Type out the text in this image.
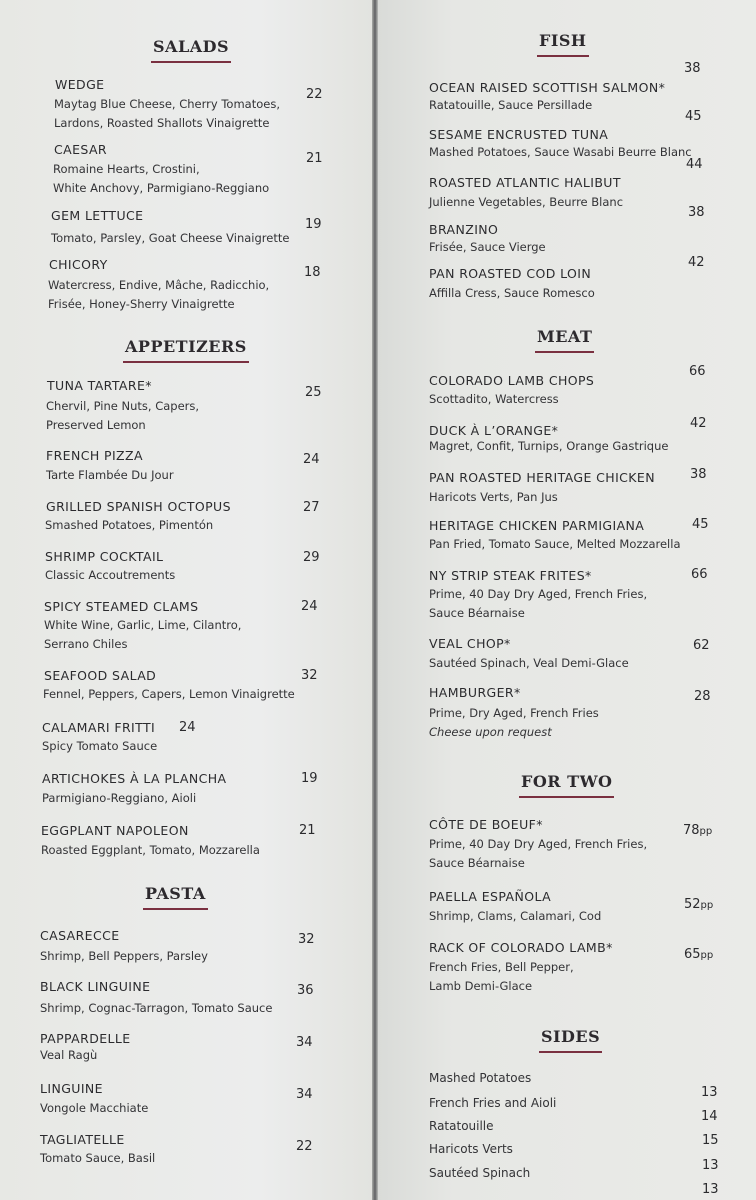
SALADS
WEDGE
Maytag Blue Cheese, Cherry Tomatoes,
Lardons, Roasted Shallots Vinaigrette
22
CAESAR
Romaine Hearts, Crostini,
White Anchovy, Parmigiano-Reggiano
21
GEM LETTUCE
Tomato, Parsley, Goat Cheese Vinaigrette
19
CHICORY
Watercress, Endive, Mâche, Radicchio,
Frisée, Honey-Sherry Vinaigrette
18
APPETIZERS
TUNA TARTARE*
Chervil, Pine Nuts, Capers,
Preserved Lemon
25
FRENCH PIZZA
Tarte Flambée Du Jour
24
GRILLED SPANISH OCTOPUS
Smashed Potatoes, Pimentón
27
SHRIMP COCKTAIL
Classic Accoutrements
29
SPICY STEAMED CLAMS
White Wine, Garlic, Lime, Cilantro,
Serrano Chiles
24
SEAFOOD SALAD
Fennel, Peppers, Capers, Lemon Vinaigrette
32
CALAMARI FRITTI
Spicy Tomato Sauce
24
ARTICHOKES À LA PLANCHA
Parmigiano-Reggiano, Aioli
19
EGGPLANT NAPOLEON
Roasted Eggplant, Tomato, Mozzarella
21
PASTA
CASARECCE
Shrimp, Bell Peppers, Parsley
32
BLACK LINGUINE
Shrimp, Cognac-Tarragon, Tomato Sauce
36
PAPPARDELLE
Veal Ragù
34
LINGUINE
Vongole Macchiate
34
TAGLIATELLE
Tomato Sauce, Basil
22
FISH
OCEAN RAISED SCOTTISH SALMON*
Ratatouille, Sauce Persillade
38
SESAME ENCRUSTED TUNA
Mashed Potatoes, Sauce Wasabi Beurre Blanc
45
ROASTED ATLANTIC HALIBUT
Julienne Vegetables, Beurre Blanc
44
BRANZINO
Frisée, Sauce Vierge
38
PAN ROASTED COD LOIN
Affilla Cress, Sauce Romesco
42
MEAT
COLORADO LAMB CHOPS
Scottadito, Watercress
66
DUCK À L’ORANGE*
Magret, Confit, Turnips, Orange Gastrique
42
PAN ROASTED HERITAGE CHICKEN
Haricots Verts, Pan Jus
38
HERITAGE CHICKEN PARMIGIANA
Pan Fried, Tomato Sauce, Melted Mozzarella
45
NY STRIP STEAK FRITES*
Prime, 40 Day Dry Aged, French Fries,
Sauce Béarnaise
66
VEAL CHOP*
Sautéed Spinach, Veal Demi-Glace
62
HAMBURGER*
Prime, Dry Aged, French Fries
Cheese upon request
28
FOR TWO
CÔTE DE BOEUF*
Prime, 40 Day Dry Aged, French Fries,
Sauce Béarnaise
78pp
PAELLA ESPAÑOLA
Shrimp, Clams, Calamari, Cod
52pp
RACK OF COLORADO LAMB*
French Fries, Bell Pepper,
Lamb Demi-Glace
65pp
SIDES
Mashed Potatoes
French Fries and Aioli
Ratatouille
Haricots Verts
Sautéed Spinach
13
14
15
13
13
